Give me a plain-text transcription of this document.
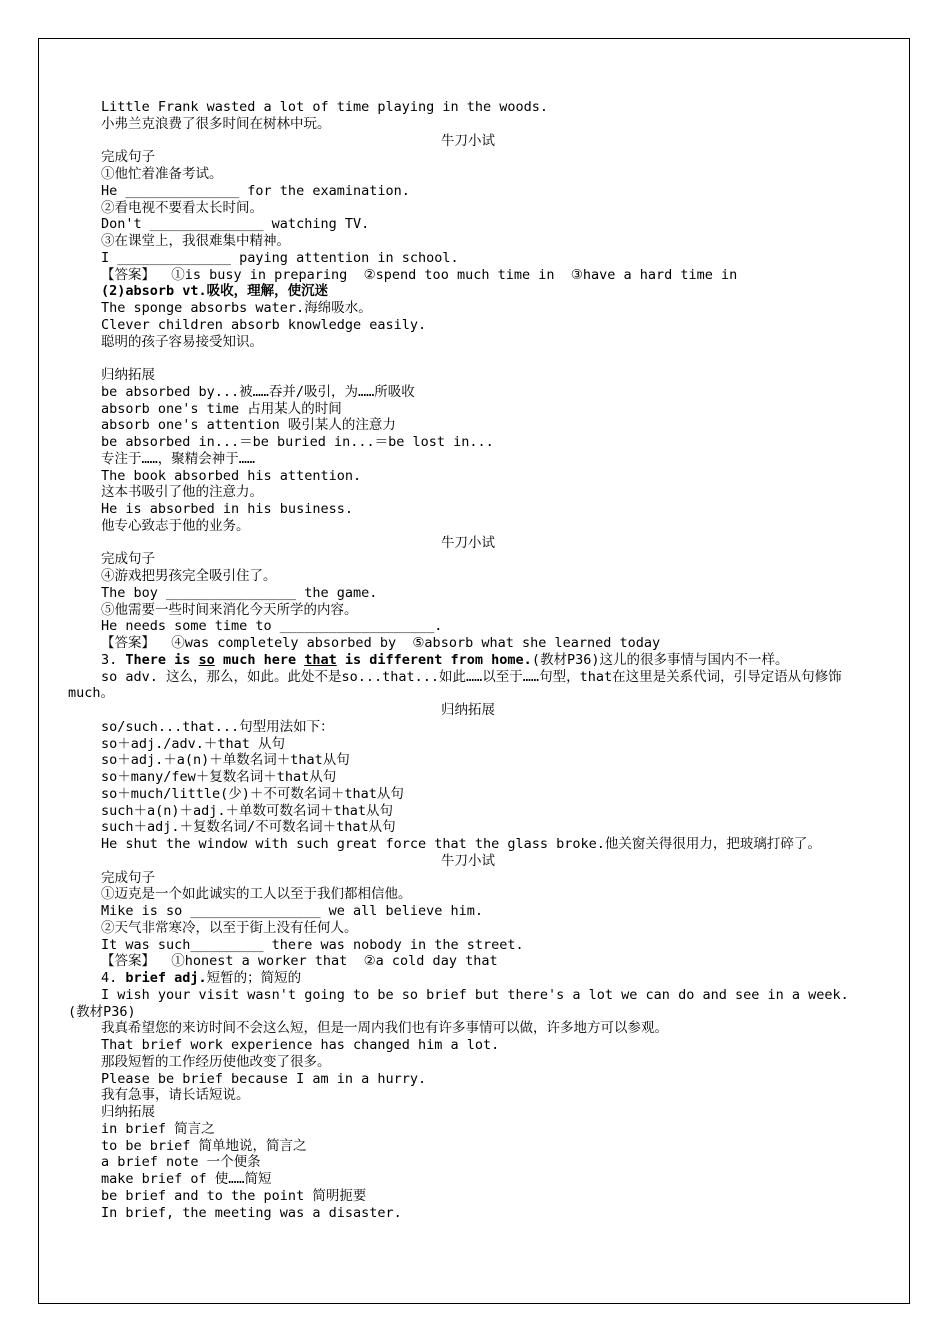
Little Frank wasted a lot of time playing in the woods.
小弗兰克浪费了很多时间在树林中玩。
牛刀小试
完成句子
①他忙着准备考试。
He ______________ for the examination.
②看电视不要看太长时间。
Don't ______________ watching TV.
③在课堂上，我很难集中精神。
I ______________ paying attention in school.
【答案】  ①is busy in preparing  ②spend too much time in  ③have a hard time in
(2)absorb vt.吸收，理解，使沉迷
The sponge absorbs water.海绵吸水。
Clever children absorb knowledge easily.
聪明的孩子容易接受知识。
归纳拓展
be absorbed by...被……吞并/吸引，为……所吸收
absorb one's time 占用某人的时间
absorb one's attention 吸引某人的注意力
be absorbed in...＝be buried in...＝be lost in...
专注于……，聚精会神于……
The book absorbed his attention.
这本书吸引了他的注意力。
He is absorbed in his business.
他专心致志于他的业务。
牛刀小试
完成句子
④游戏把男孩完全吸引住了。
The boy ________________ the game.
⑤他需要一些时间来消化今天所学的内容。
He needs some time to ___________________.
【答案】  ④was completely absorbed by  ⑤absorb what she learned today
3. There is so much here that is different from home.(教材P36)这儿的很多事情与国内不一样。
so adv. 这么，那么，如此。此处不是so...that...如此……以至于……句型，that在这里是关系代词，引导定语从句修饰much。
归纳拓展
so/such...that...句型用法如下：
so＋adj./adv.＋that 从句
so＋adj.＋a(n)＋单数名词＋that从句
so＋many/few＋复数名词＋that从句
so＋much/little(少)＋不可数名词＋that从句
such＋a(n)＋adj.＋单数可数名词＋that从句
such＋adj.＋复数名词/不可数名词＋that从句
He shut the window with such great force that the glass broke.他关窗关得很用力，把玻璃打碎了。
牛刀小试
完成句子
①迈克是一个如此诚实的工人以至于我们都相信他。
Mike is so ________________ we all believe him.
②天气非常寒冷，以至于街上没有任何人。
It was such_________ there was nobody in the street.
【答案】  ①honest a worker that  ②a cold day that
4. brief adj.短暂的；简短的
I wish your visit wasn't going to be so brief but there's a lot we can do and see in a week.(教材P36)
我真希望您的来访时间不会这么短，但是一周内我们也有许多事情可以做，许多地方可以参观。
That brief work experience has changed him a lot.
那段短暂的工作经历使他改变了很多。
Please be brief because I am in a hurry.
我有急事，请长话短说。
归纳拓展
in brief 简言之
to be brief 简单地说，简言之
a brief note 一个便条
make brief of 使……简短
be brief and to the point 简明扼要
In brief, the meeting was a disaster.
